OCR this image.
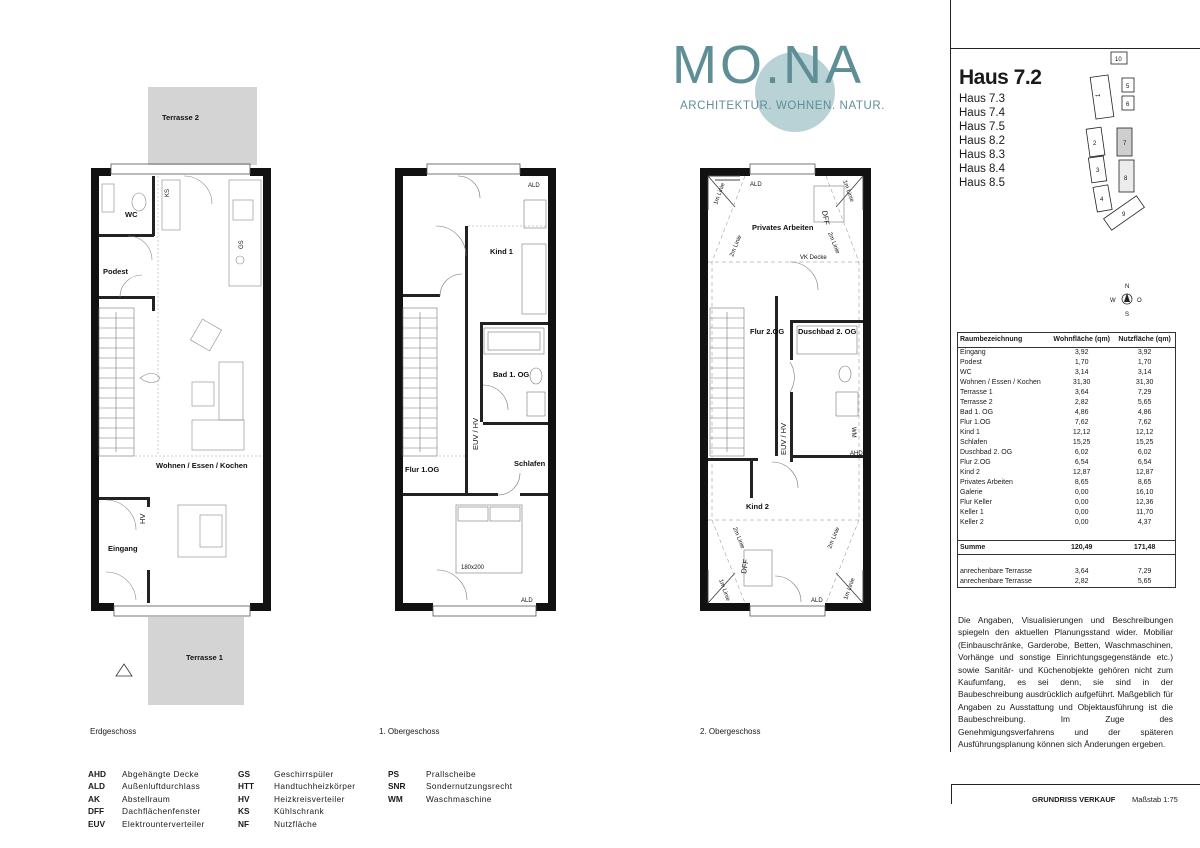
Terrasse 2
WC
Podest
Wohnen / Essen / Kochen
Eingang
Terrasse 1
HV
KS
GS
ALD
ALD
Kind 1
Bad 1. OG
Flur 1.OG
Schlafen
EUV / HV
180x200
ALD
ALD
Privates Arbeiten
Flur 2.OG Duschbad 2. OG
Kind 2
AHD
WM
EUV / HV
VK Decke
DFF
DFF
1m Linie	1m Linie
1m Linie	1m Linie
2m Linie	2m Linie
2m Linie	2m Linie
10
1
5
6
2	7
3
8
4
9
N
S
W	O
MO.NA
ARCHITEKTUR. WOHNEN. NATUR.
Erdgeschoss	1. Obergeschoss	2. Obergeschoss
Haus 7.2
Haus 7.3
Haus 7.4
Haus 7.5
Haus 8.2
Haus 8.3
Haus 8.4
Haus 8.5
Raumbezeichnung	Wohnfläche (qm)	Nutzfläche (qm)
Eingang	3,92	3,92
Podest	1,70	1,70
WC	3,14	3,14
Wohnen / Essen / Kochen	31,30	31,30
Terrasse 1	3,64	7,29
Terrasse 2	2,82	5,65
Bad 1. OG	4,86	4,86
Flur 1.OG	7,62	7,62
Kind 1	12,12	12,12
Schlafen	15,25	15,25
Duschbad 2. OG	6,02	6,02
Flur 2.OG	6,54	6,54
Kind 2	12,87	12,87
Privates Arbeiten	8,65	8,65
Galerie	0,00	16,10
Flur Keller	0,00	12,36
Keller 1	0,00	11,70
Keller 2	0,00	4,37

Summe	120,49	171,48

anrechenbare Terrasse	3,64	7,29
anrechenbare Terrasse	2,82	5,65
Die Angaben, Visualisierungen und Beschreibungen spiegeln den aktuellen Planungsstand wider. Mobiliar (Einbauschränke, Garderobe, Betten, Waschmaschinen, Vorhänge und sonstige Einrichtungsgegenstände etc.) sowie Sanitär- und Küchenobjekte gehören nicht zum Kaufumfang, es sei denn, sie sind in der Baubeschreibung ausdrücklich aufgeführt. Maßgeblich für Angaben zu Ausstattung und Objektausführung ist die Baubeschreibung. Im Zuge des Genehmigungsverfahrens und der späteren Ausführungsplanung können sich Änderungen ergeben.
AHD	Abgehängte Decke
ALD	Außenluftdurchlass
AK	Abstellraum
DFF	Dachflächenfenster
EUV	Elektrounterverteiler
GS	Geschirrspüler
HTT	Handtuchheizkörper
HV	Heizkreisverteiler
KS	Kühlschrank
NF	Nutzfläche
PS	Prallscheibe
SNR	Sondernutzungsrecht
WM	Waschmaschine	GRUNDRISS VERKAUF Maßstab 1:75
